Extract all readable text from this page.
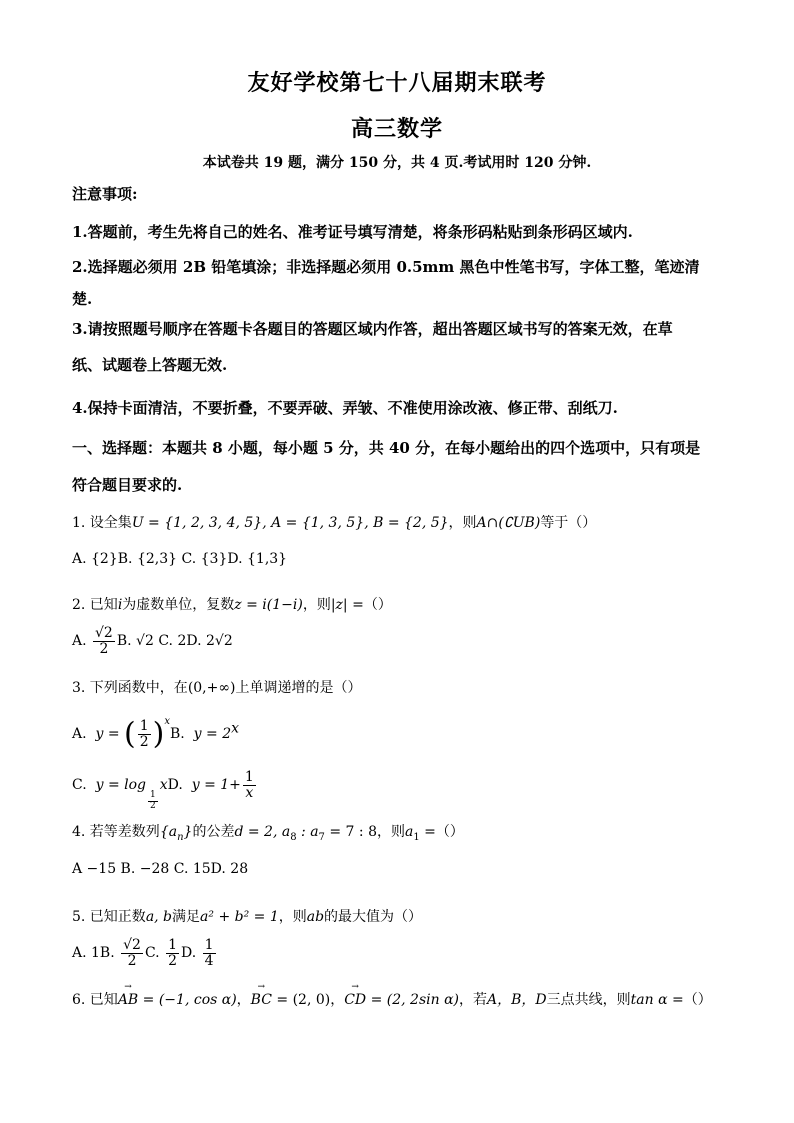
友好学校第七十八届期末联考
高三数学
本试卷共 19 题，满分 150 分，共 4 页.考试用时 120 分钟.
注意事项:
1.答题前，考生先将自己的姓名、准考证号填写清楚，将条形码粘贴到条形码区域内.
2.选择题必须用 2B 铅笔填涂；非选择题必须用 0.5mm 黑色中性笔书写，字体工整，笔迹清
楚.
3.请按照题号顺序在答题卡各题目的答题区域内作答，超出答题区域书写的答案无效，在草
纸、试题卷上答题无效.
4.保持卡面清洁，不要折叠，不要弄破、弄皱、不准使用涂改液、修正带、刮纸刀.
一、选择题：本题共 8 小题，每小题 5 分，共 40 分，在每小题给出的四个选项中，只有项是
符合题目要求的.
1. 设全集U = {1, 2, 3, 4, 5}, A = {1, 3, 5}, B = {2, 5}，则A∩(∁UB)等于（）
A. {2}B. {2,3} C. {3}D. {1,3}
2. 已知i为虚数单位，复数z = i(1−i)，则|z| =（）
A. $\frac{√2}{2} B$. √2 C. 2D. 2√2
3. 下列函数中，在(0,+∞)上单调递增的是（）
A. y = ( $\frac{1}{2} )^xB$. $y = 2^x$
C. y = log
$\frac{1}{2}$
xD. $y = 1+ \frac{1}{x}$
4. 若等差数列$\{a_n\}$的公差d = 2, $a_8$ : $a_7 = 7$ : 8，则$a_1$ =（）
A −15 B. −28 C. 15D. 28
5. 已知正数a, b满足a² + b² = 1，则ab的最大值为（）
A. 1B. $\frac{√2}{2} C$. $\frac{1}{2} D$. $\frac{1}{4}$
6. 已知→ AB = (−1, cos α)，→ BC = (2, 0)，→ CD = (2, 2sin α)，若A，B，D三点共线，则tan α =（）
